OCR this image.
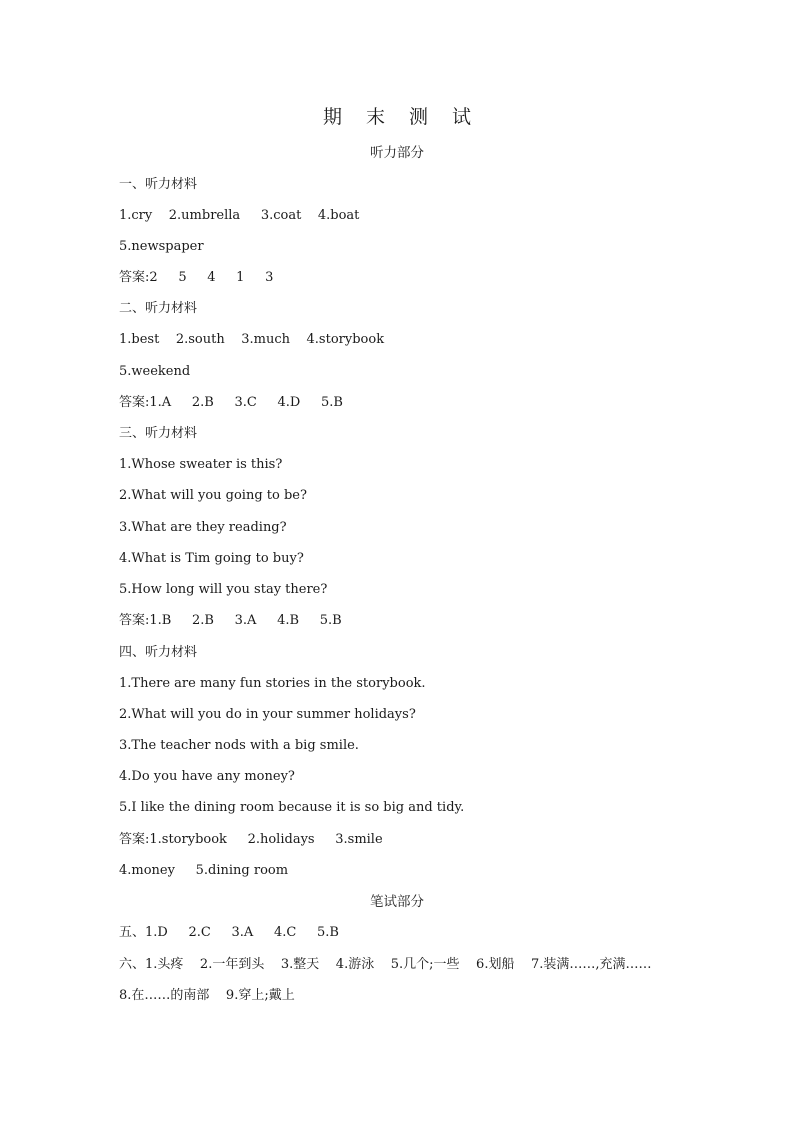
期 末 测 试
听力部分
一、听力材料
1.cry    2.umbrella     3.coat    4.boat
5.newspaper
答案:2     5     4     1     3
二、听力材料
1.best    2.south    3.much    4.storybook
5.weekend
答案:1.A     2.B     3.C     4.D     5.B
三、听力材料
1.Whose sweater is this?
2.What will you going to be?
3.What are they reading?
4.What is Tim going to buy?
5.How long will you stay there?
答案:1.B     2.B     3.A     4.B     5.B
四、听力材料
1.There are many fun stories in the storybook.
2.What will you do in your summer holidays?
3.The teacher nods with a big smile.
4.Do you have any money?
5.I like the dining room because it is so big and tidy.
答案:1.storybook     2.holidays     3.smile
4.money     5.dining room
笔试部分
五、1.D     2.C     3.A     4.C     5.B
六、1.头疼    2.一年到头    3.整天    4.游泳    5.几个;一些    6.划船    7.装满……,充满……
8.在……的南部    9.穿上;戴上
